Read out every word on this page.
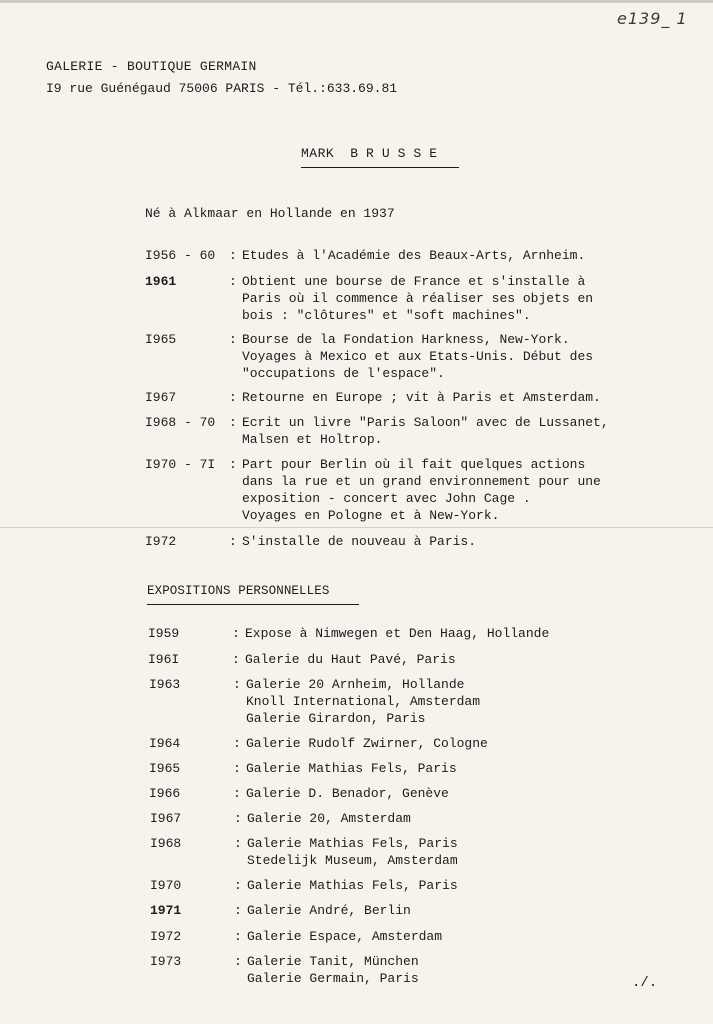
e139_ 1
GALERIE - BOUTIQUE GERMAIN
I9 rue Guénégaud 75006 PARIS - Tél.:633.69.81
MARK BRUSSE
Né à Alkmaar en Hollande en 1937
I956 - 60	: Etudes à l'Académie des Beaux-Arts, Arnheim.
1961	: Obtient une bourse de France et s'installe à
Paris où il commence à réaliser ses objets en
bois : "clôtures" et "soft machines".
I965	: Bourse de la Fondation Harkness, New-York.
Voyages à Mexico et aux Etats-Unis. Début des
"occupations de l'espace".
I967	: Retourne en Europe ; vit à Paris et Amsterdam.
I968 - 70	: Ecrit un livre "Paris Saloon" avec de Lussanet,
Malsen et Holtrop.
I970 - 7I	: Part pour Berlin où il fait quelques actions
dans la rue et un grand environnement pour une
exposition - concert avec John Cage .
Voyages en Pologne et à New-York.
I972	: S'installe de nouveau à Paris.
EXPOSITIONS PERSONNELLES
I959	: Expose à Nimwegen et Den Haag, Hollande
I96I	: Galerie du Haut Pavé, Paris
I963	: Galerie 20 Arnheim, Hollande
Knoll International, Amsterdam
Galerie Girardon, Paris
I964	: Galerie Rudolf Zwirner, Cologne
I965	: Galerie Mathias Fels, Paris
I966	: Galerie D. Benador, Genève
I967	: Galerie 20, Amsterdam
I968	: Galerie Mathias Fels, Paris
Stedelijk Museum, Amsterdam
I970	: Galerie Mathias Fels, Paris
1971	: Galerie André, Berlin
I972	: Galerie Espace, Amsterdam
I973	: Galerie Tanit, München
Galerie Germain, Paris	./.
